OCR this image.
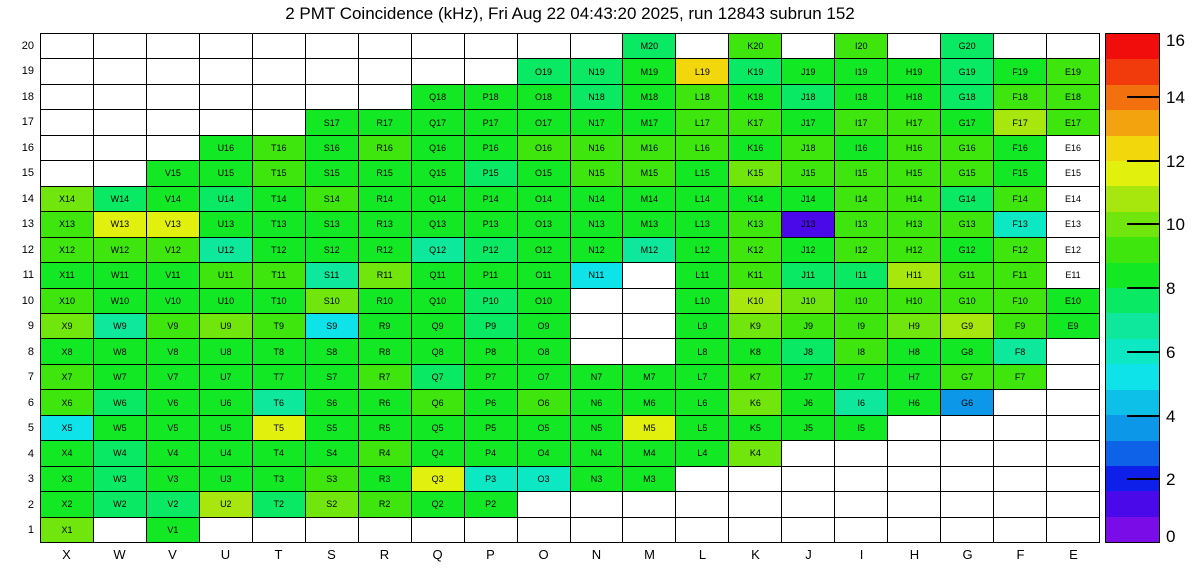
2 PMT Coincidence (kHz), Fri Aug 22 04:43:20 2025, run 12843 subrun 152
M20	K20	I20	G20
O19	N19	M19	L19	K19	J19	I19	H19	G19	F19	E19
Q18	P18	O18	N18	M18	L18	K18	J18	I18	H18	G18	F18	E18
S17	R17	Q17	P17	O17	N17	M17	L17	K17	J17	I17	H17	G17	F17	E17
U16	T16	S16	R16	Q16	P16	O16	N16	M16	L16	K16	J18	I16	H16	G16	F16	E16
V15	U15	T15	S15	R15	Q15	P15	O15	N15	M15	L15	K15	J15	I15	H15	G15	F15	E15
X14	W14	V14	U14	T14	S14	R14	Q14	P14	O14	N14	M14	L14	K14	J14	I14	H14	G14	F14	E14
X13	W13	V13	U13	T13	S13	R13	Q13	P13	O13	N13	M13	L13	K13	J13	I13	H13	G13	F13	E13
X12	W12	V12	U12	T12	S12	R12	Q12	P12	O12	N12	M12	L12	K12	J12	I12	H12	G12	F12	E12
X11	W11	V11	U11	T11	S11	R11	Q11	P11	O11	N11	L11	K11	J11	I11	H11	G11	F11	E11
X10	W10	V10	U10	T10	S10	R10	Q10	P10	O10	L10	K10	J10	I10	H10	G10	F10	E10
X9	W9	V9	U9	T9	S9	R9	Q9	P9	O9	L9	K9	J9	I9	H9	G9	F9	E9
X8	W8	V8	U8	T8	S8	R8	Q8	P8	O8	L8	K8	J8	I8	H8	G8	F8
X7	W7	V7	U7	T7	S7	R7	Q7	P7	O7	N7	M7	L7	K7	J7	I7	H7	G7	F7
X6	W6	V6	U6	T6	S6	R6	Q6	P6	O6	N6	M6	L6	K6	J6	I6	H6	G6
X5	W5	V5	U5	T5	S5	R5	Q5	P5	O5	N5	M5	L5	K5	J5	I5
X4	W4	V4	U4	T4	S4	R4	Q4	P4	O4	N4	M4	L4	K4
X3	W3	V3	U3	T3	S3	R3	Q3	P3	O3	N3	M3
X2	W2	V2	U2	T2	S2	R2	Q2	P2
X1	V1
20
19
18
17
16
15
14
13
12
11
10
9
8
7
6
5
4
3
2
1
X	W	V	U	T	S	R	Q	P	O	N	M	L	K	J	I	H	G	F	E
0
2
4
6
8
10
12
14
16
